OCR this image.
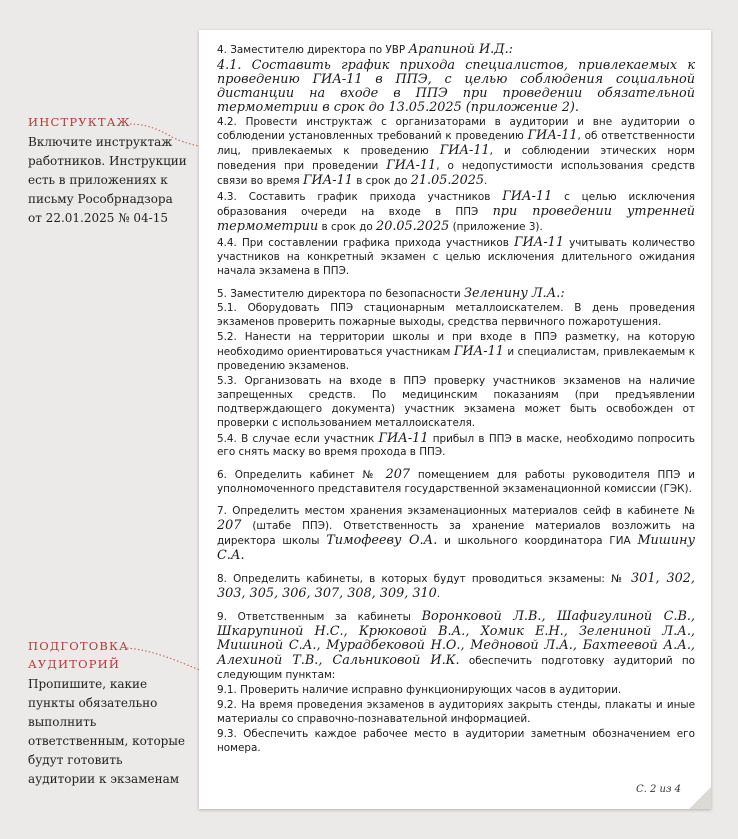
ИНСТРУКТАЖ
Включите инструктаж работников. Инструкции есть в приложениях к письму Рособрнадзора от 22.01.2025 № 04-15
ПОДГОТОВКА АУДИТОРИЙ
Пропишите, какие пункты обязательно выполнить ответственным, которые будут готовить аудитории к экзаменам

4. Заместителю директора по УВР Арапиной И.Д.:

4.1. Составить график прихода специалистов, привлекаемых к проведению ГИА-11 в ППЭ, с целью соблюдения социальной дистанции на входе в ППЭ при проведении обязательной термометрии в срок до 13.05.2025 (приложение 2).

4.2. Провести инструктаж с организаторами в аудитории и вне аудитории о соблюдении установленных требований к проведению ГИА-11, об ответственности лиц, привлекаемых к проведению ГИА-11, и соблюдении этических норм поведения при проведении ГИА-11, о недопустимости использования средств связи во время ГИА-11 в срок до 21.05.2025.

4.3. Составить график прихода участников ГИА-11 с целью исключения образования очереди на входе в ППЭ при проведении утренней термометрии в срок до 20.05.2025 (приложение 3).

4.4. При составлении графика прихода участников ГИА-11 учитывать количество участников на конкретный экзамен с целью исключения длительного ожидания начала экзамена в ППЭ.

5. Заместителю директора по безопасности Зеленину Л.А.:

5.1. Оборудовать ППЭ стационарным металлоискателем. В день проведения экзаменов проверить пожарные выходы, средства первичного пожаротушения.

5.2. Нанести на территории школы и при входе в ППЭ разметку, на которую необходимо ориентироваться участникам ГИА-11 и специалистам, привлекаемым к проведению экзаменов.

5.3. Организовать на входе в ППЭ проверку участников экзаменов на наличие запрещенных средств. По медицинским показаниям (при предъявлении подтверждающего документа) участник экзамена может быть освобожден от проверки с использованием металлоискателя.

5.4. В случае если участник ГИА-11 прибыл в ППЭ в маске, необходимо попросить его снять маску во время прохода в ППЭ.

6. Определить кабинет № 207 помещением для работы руководителя ППЭ и уполномоченного представителя государственной экзаменационной комиссии (ГЭК).

7. Определить местом хранения экзаменационных материалов сейф в кабинете № 207 (штабе ППЭ). Ответственность за хранение материалов возложить на директора школы Тимофееву О.А. и школьного координатора ГИА Мишину С.А.

8. Определить кабинеты, в которых будут проводиться экзамены: № 301, 302, 303, 305, 306, 307, 308, 309, 310.

9. Ответственным за кабинеты Воронковой Л.В., Шафигулиной С.В., Шкарупиной Н.С., Крюковой В.А., Хомик Е.Н., Зелениной Л.А., Мишиной С.А., Мурадбековой Н.О., Медновой Л.А., Бахтеевой А.А., Алехиной Т.В., Сальниковой И.К. обеспечить подготовку аудиторий по следующим пунктам:

9.1. Проверить наличие исправно функционирующих часов в аудитории.

9.2. На время проведения экзаменов в аудиториях закрыть стенды, плакаты и иные материалы со справочно-познавательной информацией.

9.3. Обеспечить каждое рабочее место в аудитории заметным обозначением его номера.

С. 2 из 4
